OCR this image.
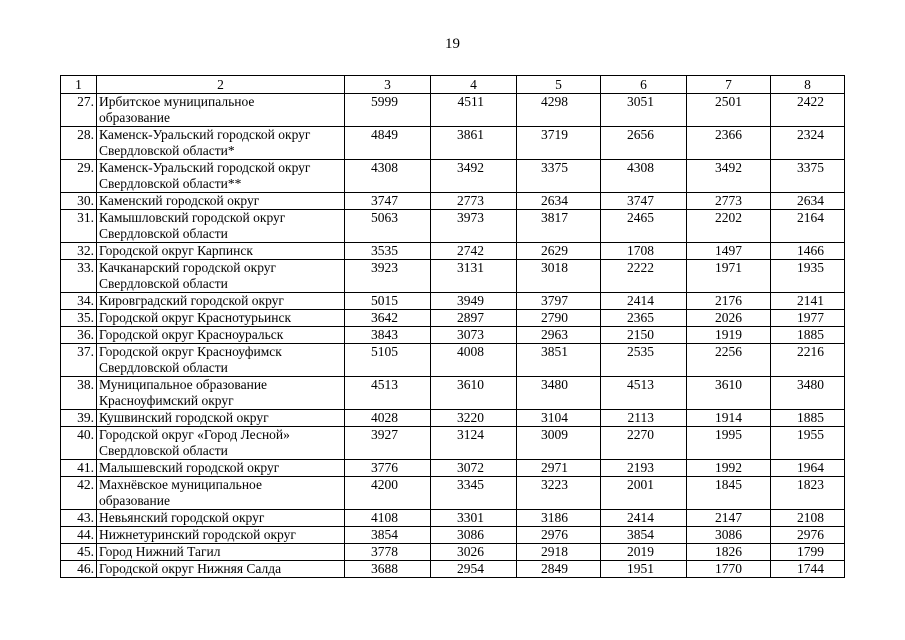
19
1	2	3	4	5	6	7	8
27.	Ирбитское муниципальное
образование	5999	4511	4298	3051	2501	2422
28.	Каменск-Уральский городской округ
Свердловской области*	4849	3861	3719	2656	2366	2324
29.	Каменск-Уральский городской округ
Свердловской области**	4308	3492	3375	4308	3492	3375
30.	Каменский городской округ	3747	2773	2634	3747	2773	2634
31.	Камышловский городской округ
Свердловской области	5063	3973	3817	2465	2202	2164
32.	Городской округ Карпинск	3535	2742	2629	1708	1497	1466
33.	Качканарский городской округ
Свердловской области	3923	3131	3018	2222	1971	1935
34.	Кировградский городской округ	5015	3949	3797	2414	2176	2141
35.	Городской округ Краснотурьинск	3642	2897	2790	2365	2026	1977
36.	Городской округ Красноуральск	3843	3073	2963	2150	1919	1885
37.	Городской округ Красноуфимск
Свердловской области	5105	4008	3851	2535	2256	2216
38.	Муниципальное образование
Красноуфимский округ	4513	3610	3480	4513	3610	3480
39.	Кушвинский городской округ	4028	3220	3104	2113	1914	1885
40.	Городской округ «Город Лесной»
Свердловской области	3927	3124	3009	2270	1995	1955
41.	Малышевский городской округ	3776	3072	2971	2193	1992	1964
42.	Махнёвское муниципальное
образование	4200	3345	3223	2001	1845	1823
43.	Невьянский городской округ	4108	3301	3186	2414	2147	2108
44.	Нижнетуринский городской округ	3854	3086	2976	3854	3086	2976
45.	Город Нижний Тагил	3778	3026	2918	2019	1826	1799
46.	Городской округ Нижняя Салда	3688	2954	2849	1951	1770	1744
